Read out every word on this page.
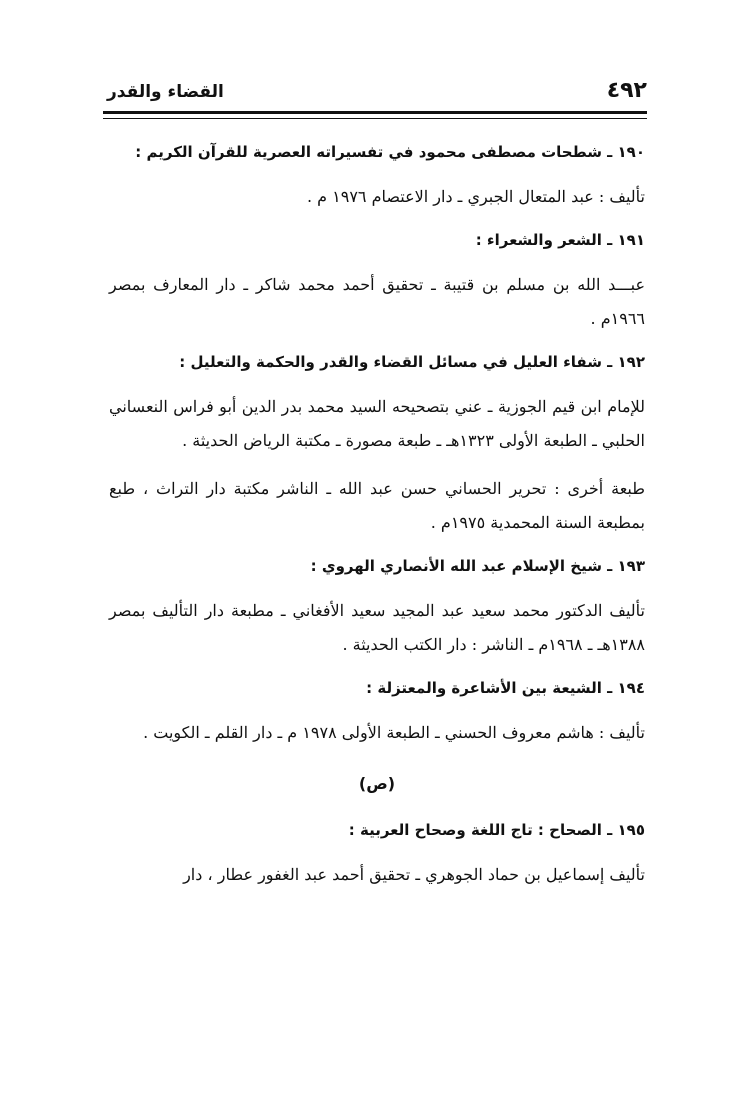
٤٩٢
القضاء والقدر
١٩٠ ـ شطحات مصطفى محمود في تفسيراته العصرية للقرآن الكريم :

تأليف : عبد المتعال الجبري ـ دار الاعتصام ١٩٧٦ م .

١٩١ ـ الشعر والشعراء :

عبـــد الله بن مسلم بن قتيبة ـ تحقيق أحمد محمد شاكر ـ دار المعارف بمصر ١٩٦٦م .

١٩٢ ـ شفاء العليل في مسائل القضاء والقدر والحكمة والتعليل :

للإمام ابن قيم الجوزية ـ عني بتصحيحه السيد محمد بدر الدين أبو فراس النعساني الحلبي ـ الطبعة الأولى ١٣٢٣هـ ـ طبعة مصورة ـ مكتبة الرياض الحديثة .

طبعة أخرى : تحرير الحساني حسن عبد الله ـ الناشر مكتبة دار التراث ، طبع بمطبعة السنة المحمدية ١٩٧٥م .

١٩٣ ـ شيخ الإسلام عبد الله الأنصاري الهروي :

تأليف الدكتور محمد سعيد عبد المجيد سعيد الأفغاني ـ مطبعة دار التأليف بمصر ١٣٨٨هـ ـ ١٩٦٨م ـ الناشر : دار الكتب الحديثة .

١٩٤ ـ الشيعة بين الأشاعرة والمعتزلة :

تأليف : هاشم معروف الحسني ـ الطبعة الأولى ١٩٧٨ م ـ دار القلم ـ الكويت .

(ص)
١٩٥ ـ الصحاح : تاج اللغة وصحاح العربية :

تأليف إسماعيل بن حماد الجوهري ـ تحقيق أحمد عبد الغفور عطار ، دار
